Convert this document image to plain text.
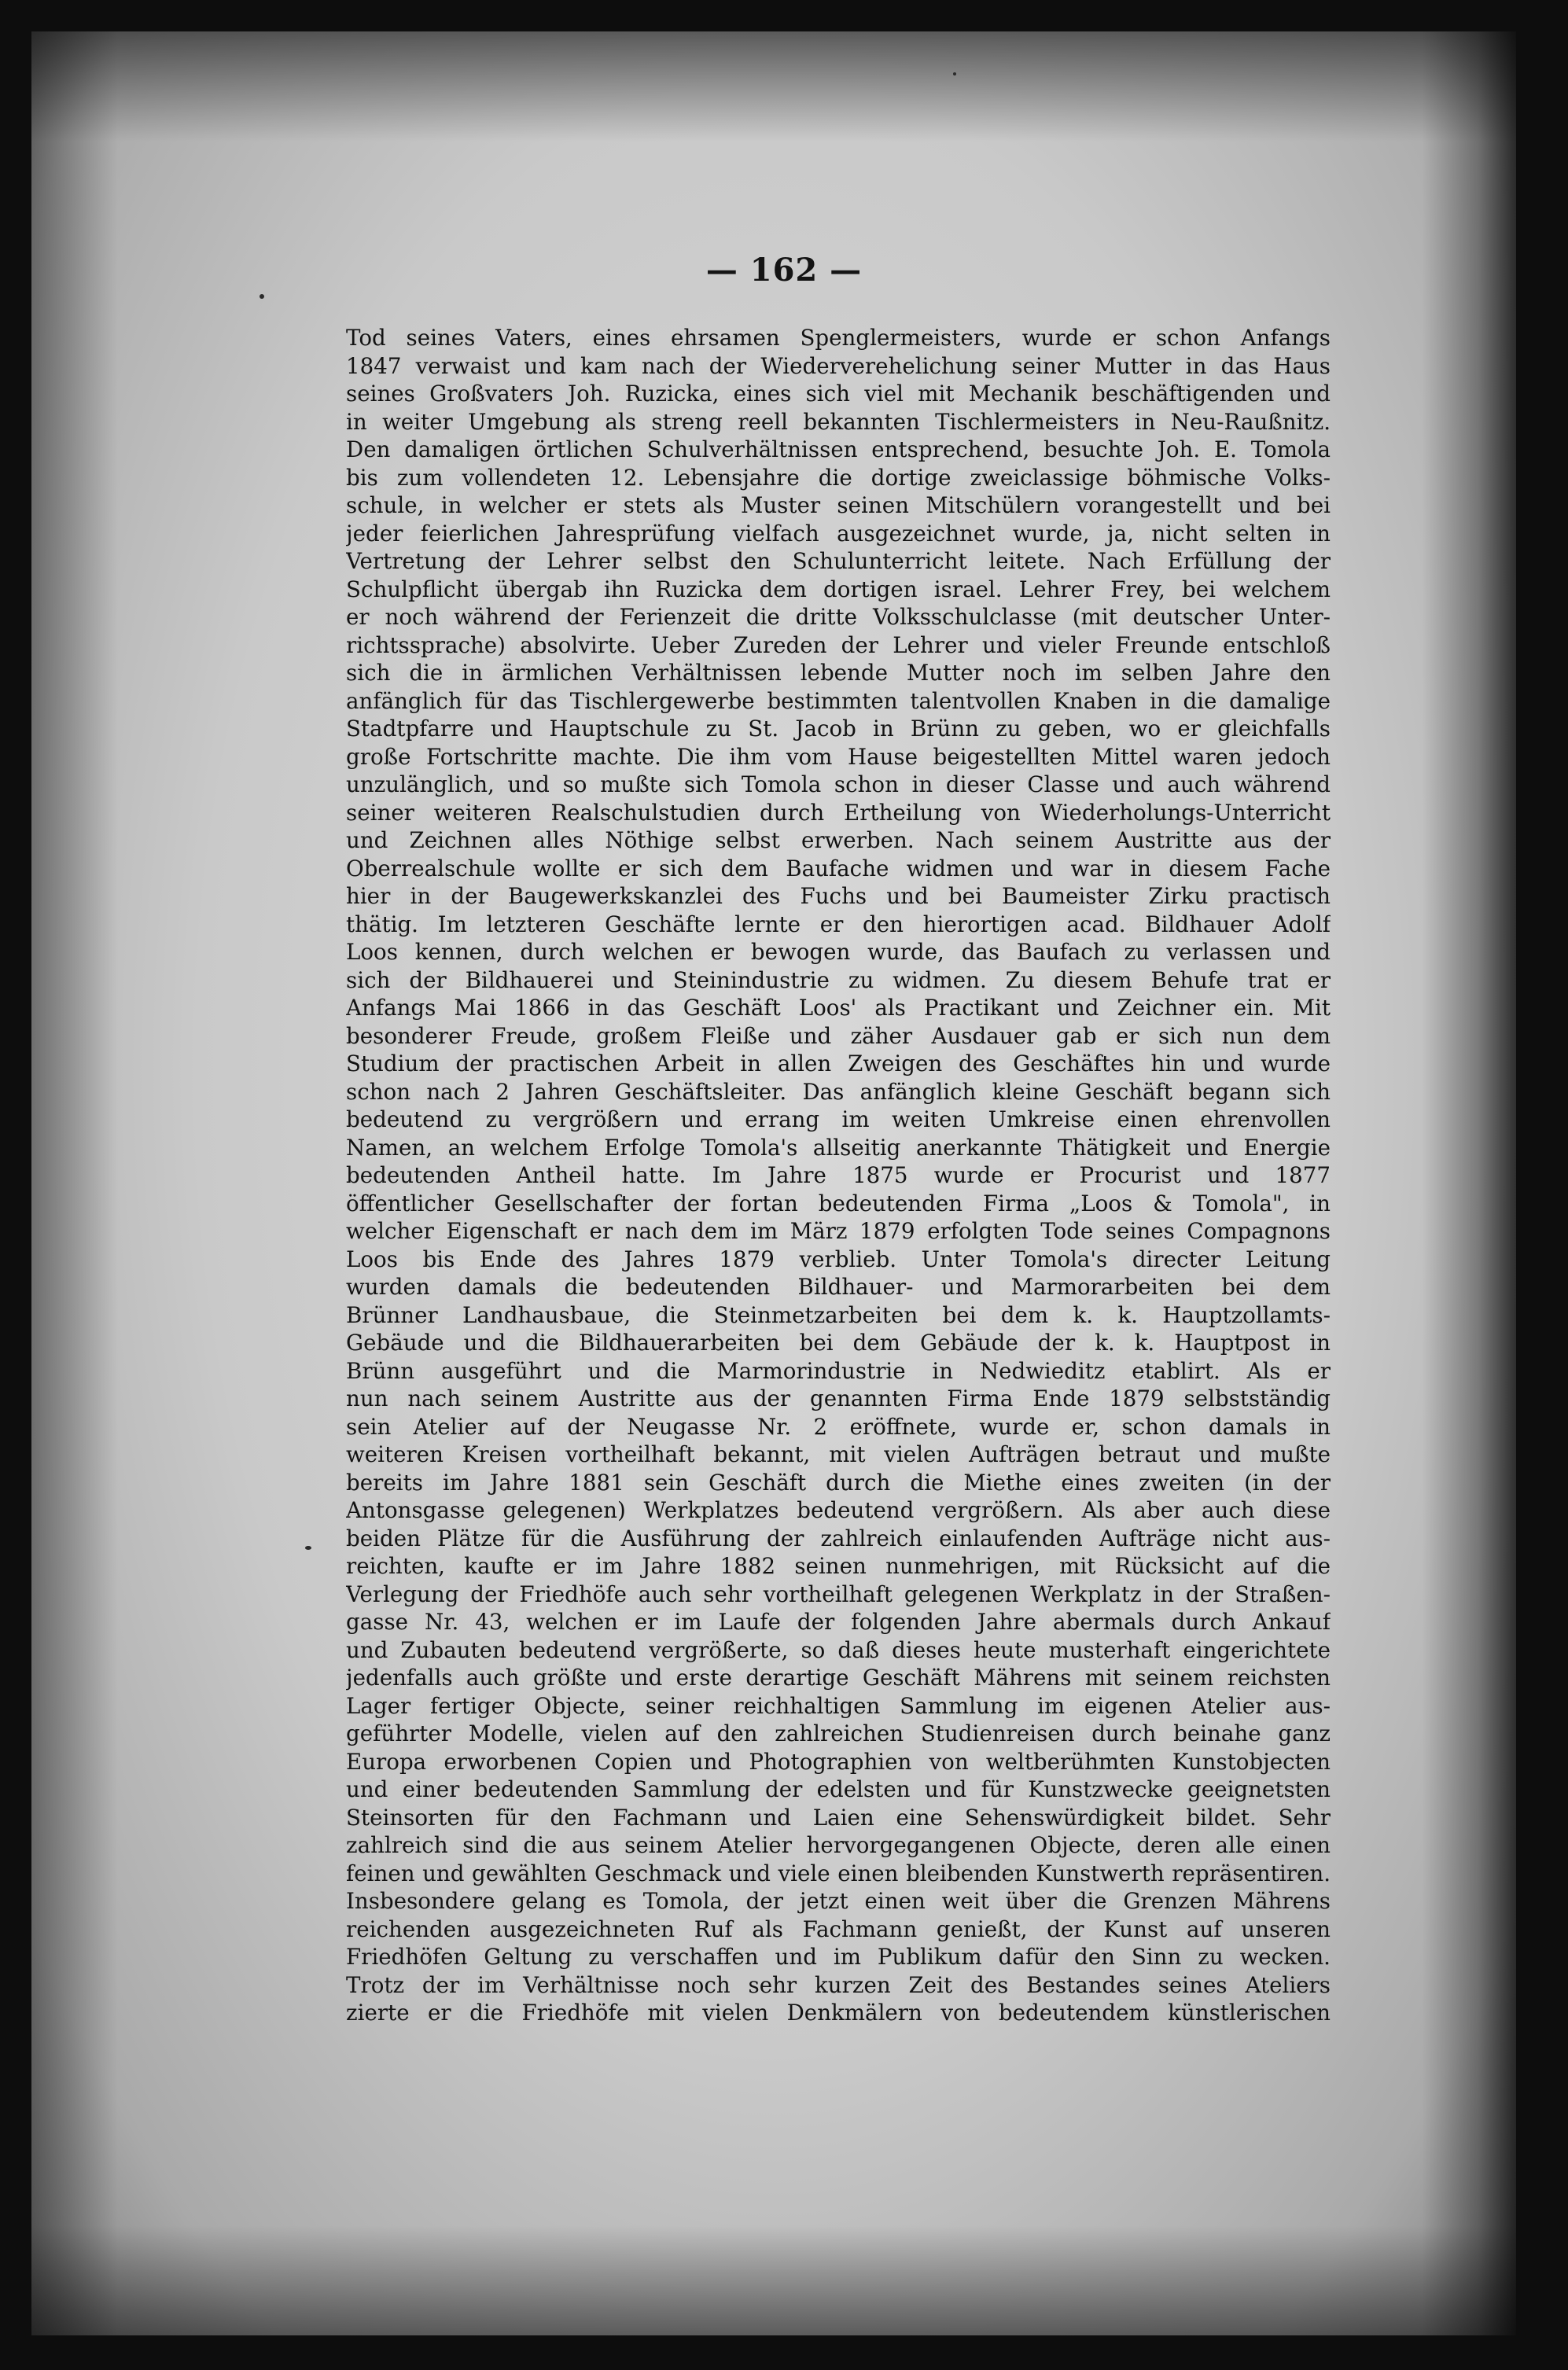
— 162 —
Tod seines Vaters, eines ehrsamen Spenglermeisters, wurde er schon Anfangs
1847 verwaist und kam nach der Wiederverehelichung seiner Mutter in das Haus
seines Großvaters Joh. Ruzicka, eines sich viel mit Mechanik beschäftigenden und
in weiter Umgebung als streng reell bekannten Tischlermeisters in Neu-Raußnitz.
Den damaligen örtlichen Schulverhältnissen entsprechend, besuchte Joh. E. Tomola
bis zum vollendeten 12. Lebensjahre die dortige zweiclassige böhmische Volks-
schule, in welcher er stets als Muster seinen Mitschülern vorangestellt und bei
jeder feierlichen Jahresprüfung vielfach ausgezeichnet wurde, ja, nicht selten in
Vertretung der Lehrer selbst den Schulunterricht leitete. Nach Erfüllung der
Schulpflicht übergab ihn Ruzicka dem dortigen israel. Lehrer Frey, bei welchem
er noch während der Ferienzeit die dritte Volksschulclasse (mit deutscher Unter-
richtssprache) absolvirte. Ueber Zureden der Lehrer und vieler Freunde entschloß
sich die in ärmlichen Verhältnissen lebende Mutter noch im selben Jahre den
anfänglich für das Tischlergewerbe bestimmten talentvollen Knaben in die damalige
Stadtpfarre und Hauptschule zu St. Jacob in Brünn zu geben, wo er gleichfalls
große Fortschritte machte. Die ihm vom Hause beigestellten Mittel waren jedoch
unzulänglich, und so mußte sich Tomola schon in dieser Classe und auch während
seiner weiteren Realschulstudien durch Ertheilung von Wiederholungs-Unterricht
und Zeichnen alles Nöthige selbst erwerben. Nach seinem Austritte aus der
Oberrealschule wollte er sich dem Baufache widmen und war in diesem Fache
hier in der Baugewerkskanzlei des Fuchs und bei Baumeister Zirku practisch
thätig. Im letzteren Geschäfte lernte er den hierortigen acad. Bildhauer Adolf
Loos kennen, durch welchen er bewogen wurde, das Baufach zu verlassen und
sich der Bildhauerei und Steinindustrie zu widmen. Zu diesem Behufe trat er
Anfangs Mai 1866 in das Geschäft Loos' als Practikant und Zeichner ein. Mit
besonderer Freude, großem Fleiße und zäher Ausdauer gab er sich nun dem
Studium der practischen Arbeit in allen Zweigen des Geschäftes hin und wurde
schon nach 2 Jahren Geschäftsleiter. Das anfänglich kleine Geschäft begann sich
bedeutend zu vergrößern und errang im weiten Umkreise einen ehrenvollen
Namen, an welchem Erfolge Tomola's allseitig anerkannte Thätigkeit und Energie
bedeutenden Antheil hatte. Im Jahre 1875 wurde er Procurist und 1877
öffentlicher Gesellschafter der fortan bedeutenden Firma „Loos & Tomola", in
welcher Eigenschaft er nach dem im März 1879 erfolgten Tode seines Compagnons
Loos bis Ende des Jahres 1879 verblieb. Unter Tomola's directer Leitung
wurden damals die bedeutenden Bildhauer- und Marmorarbeiten bei dem
Brünner Landhausbaue, die Steinmetzarbeiten bei dem k. k. Hauptzollamts-
Gebäude und die Bildhauerarbeiten bei dem Gebäude der k. k. Hauptpost in
Brünn ausgeführt und die Marmorindustrie in Nedwieditz etablirt. Als er
nun nach seinem Austritte aus der genannten Firma Ende 1879 selbstständig
sein Atelier auf der Neugasse Nr. 2 eröffnete, wurde er, schon damals in
weiteren Kreisen vortheilhaft bekannt, mit vielen Aufträgen betraut und mußte
bereits im Jahre 1881 sein Geschäft durch die Miethe eines zweiten (in der
Antonsgasse gelegenen) Werkplatzes bedeutend vergrößern. Als aber auch diese
beiden Plätze für die Ausführung der zahlreich einlaufenden Aufträge nicht aus-
reichten, kaufte er im Jahre 1882 seinen nunmehrigen, mit Rücksicht auf die
Verlegung der Friedhöfe auch sehr vortheilhaft gelegenen Werkplatz in der Straßen-
gasse Nr. 43, welchen er im Laufe der folgenden Jahre abermals durch Ankauf
und Zubauten bedeutend vergrößerte, so daß dieses heute musterhaft eingerichtete
jedenfalls auch größte und erste derartige Geschäft Mährens mit seinem reichsten
Lager fertiger Objecte, seiner reichhaltigen Sammlung im eigenen Atelier aus-
geführter Modelle, vielen auf den zahlreichen Studienreisen durch beinahe ganz
Europa erworbenen Copien und Photographien von weltberühmten Kunstobjecten
und einer bedeutenden Sammlung der edelsten und für Kunstzwecke geeignetsten
Steinsorten für den Fachmann und Laien eine Sehenswürdigkeit bildet. Sehr
zahlreich sind die aus seinem Atelier hervorgegangenen Objecte, deren alle einen
feinen und gewählten Geschmack und viele einen bleibenden Kunstwerth repräsentiren.
Insbesondere gelang es Tomola, der jetzt einen weit über die Grenzen Mährens
reichenden ausgezeichneten Ruf als Fachmann genießt, der Kunst auf unseren
Friedhöfen Geltung zu verschaffen und im Publikum dafür den Sinn zu wecken.
Trotz der im Verhältnisse noch sehr kurzen Zeit des Bestandes seines Ateliers
zierte er die Friedhöfe mit vielen Denkmälern von bedeutendem künstlerischen
